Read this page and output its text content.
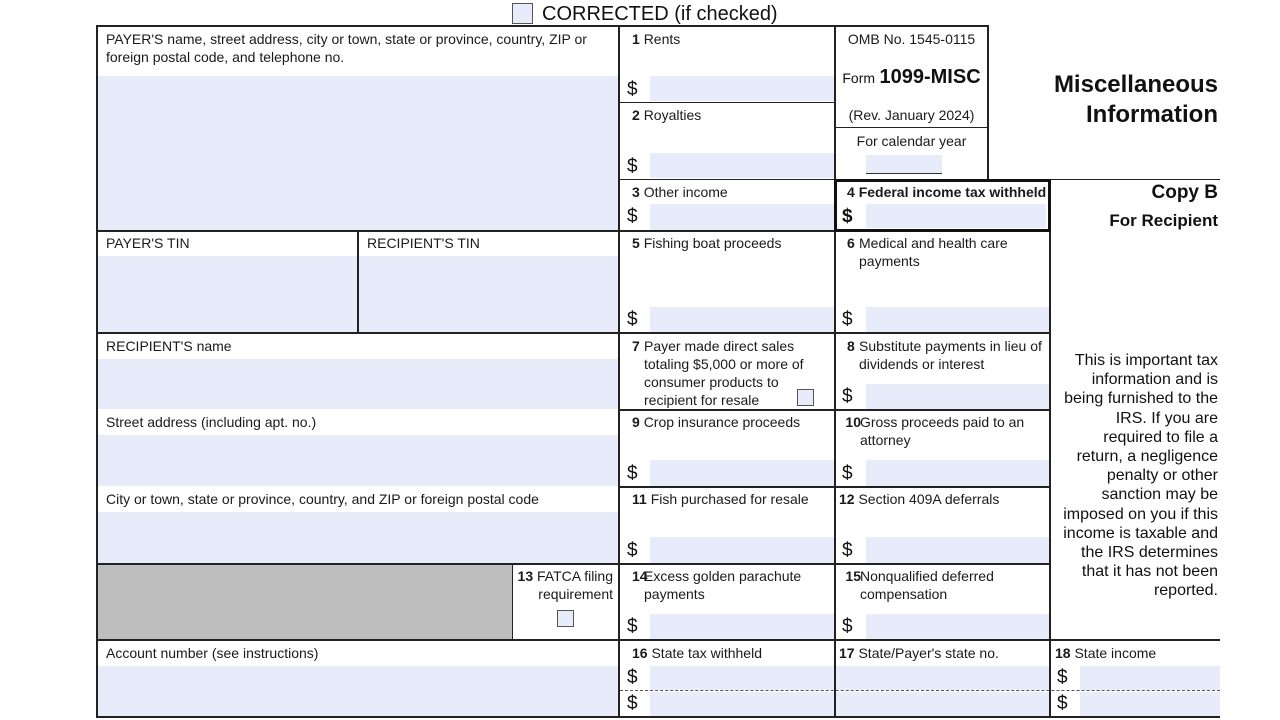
CORRECTED (if checked)
PAYER'S name, street address, city or town, state or province, country, ZIP or foreign postal code, and telephone no.
PAYER'S TIN	RECIPIENT'S TIN
RECIPIENT'S name
Street address (including apt. no.)
City or town, state or province, country, and ZIP or foreign postal code
13 FATCA filing requirement
Account number (see instructions)
1 Rents
$
2 Royalties
$
3 Other income
$
5 Fishing boat proceeds
$
7 Payer made direct sales totaling $5,000 or more of consumer products to recipient for resale
9 Crop insurance proceeds
$
11 Fish purchased for resale
$
14
Excess golden parachute payments
$
16 State tax withheld
$
$
OMB No. 1545-0115
Form 1099-MISC
(Rev. January 2024)
For calendar year
4 Federal income tax withheld
$
6 Medical and health care payments
$
8 Substitute payments in lieu of dividends or interest
$
10 Gross proceeds paid to an attorney
$
12 Section 409A deferrals
$
15 Nonqualified deferred compensation
$
17 State/Payer's state no.
Miscellaneous
Information
Copy B
For Recipient
This is important tax information and is being furnished to the IRS. If you are required to file a return, a negligence penalty or other sanction may be imposed on you if this income is taxable and the IRS determines that it has not been reported.
18 State income
$
$
